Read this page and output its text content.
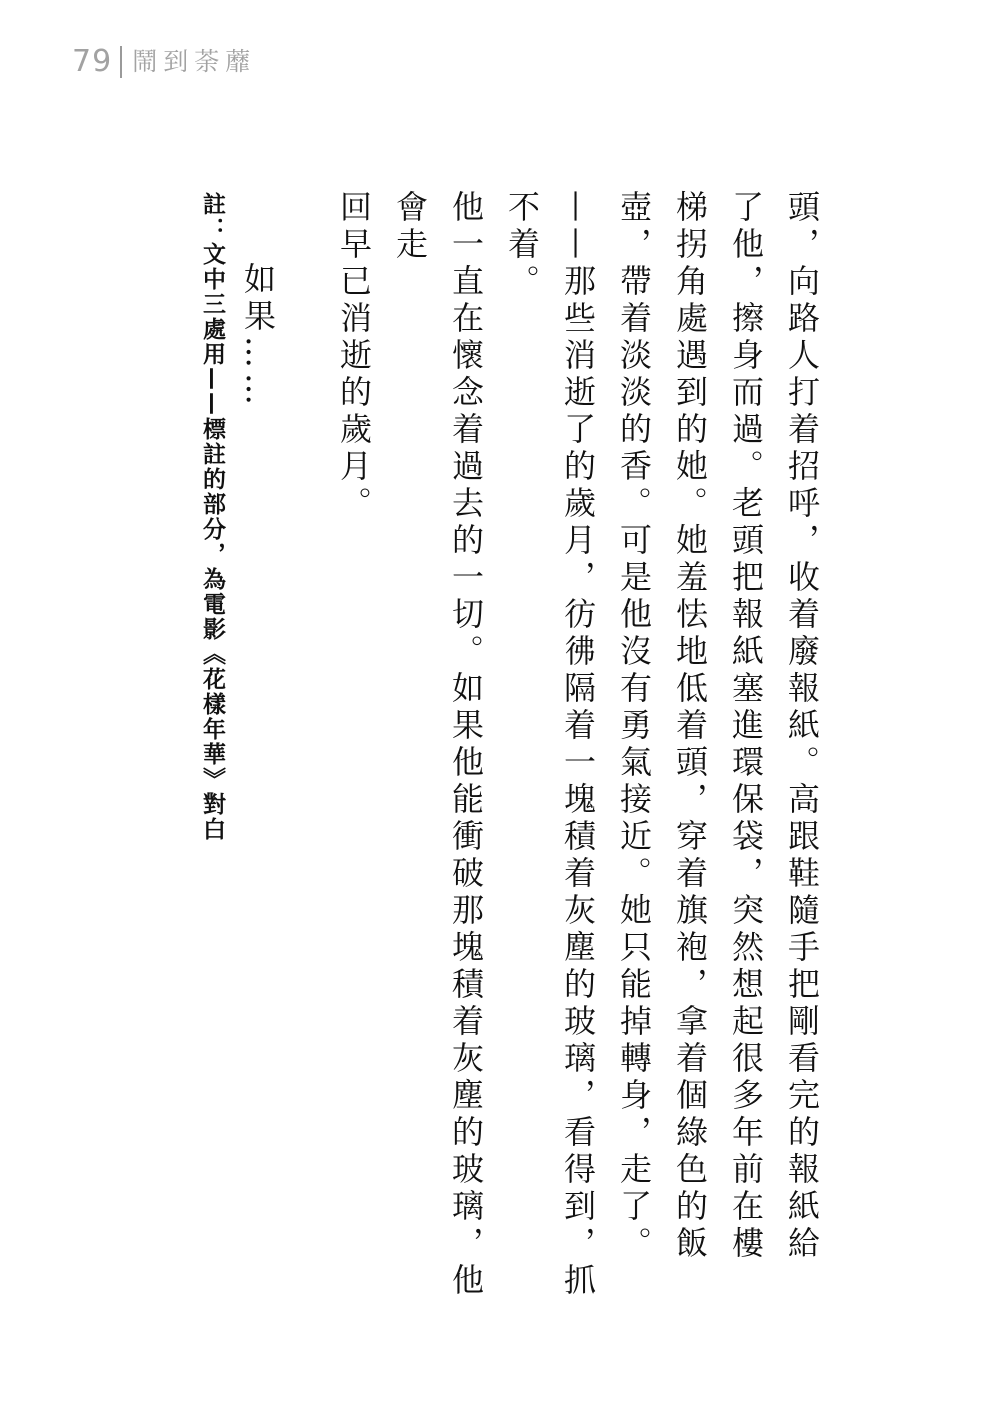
79 鬧到荼蘼

頭，向路人打着招呼，收着廢報紙。高跟鞋隨手把剛看完的報紙給
了他，擦身而過。老頭把報紙塞進環保袋，突然想起很多年前在樓
梯拐角處遇到的她。她羞怯地低着頭，穿着旗袍，拿着個綠色的飯
壺，帶着淡淡的香。可是他沒有勇氣接近。她只能掉轉身，走了。

——那些消逝了的歲月，彷彿隔着一塊積着灰塵的玻璃，看得到，抓不着。
他一直在懷念着過去的一切。如果他能衝破那塊積着灰塵的玻璃，他會走
回早已消逝的歲月。

如果……

註：文中三處用——標註的部分，為電影《花樣年華》對白
